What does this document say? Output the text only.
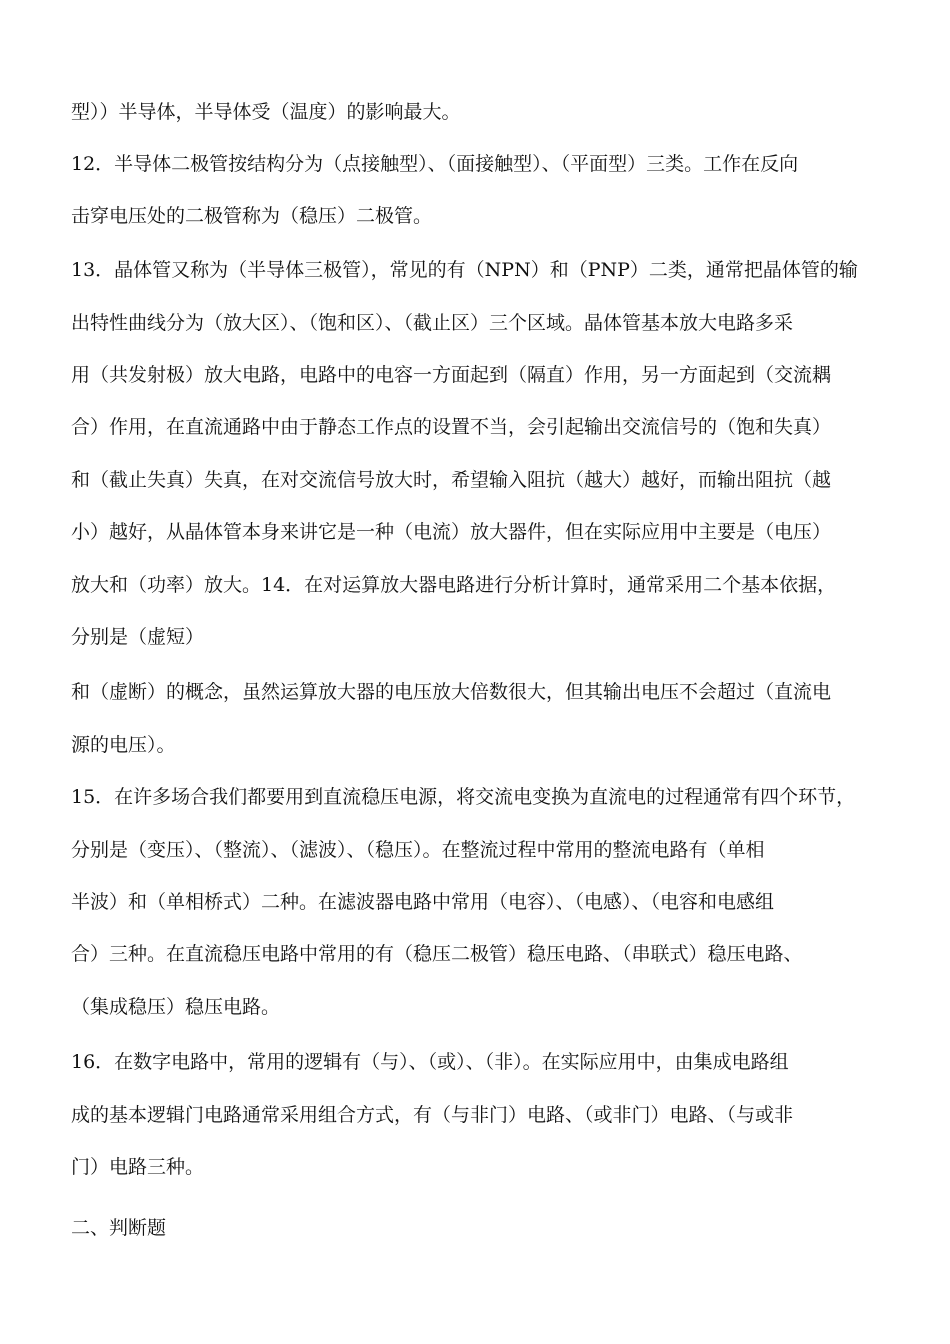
型））半导体，半导体受（温度）的影响最大。
12．半导体二极管按结构分为（点接触型）、（面接触型）、（平面型）三类。工作在反向
击穿电压处的二极管称为（稳压）二极管。
13．晶体管又称为（半导体三极管），常见的有（NPN）和（PNP）二类，通常把晶体管的输
出特性曲线分为（放大区）、（饱和区）、（截止区）三个区域。晶体管基本放大电路多采
用（共发射极）放大电路，电路中的电容一方面起到（隔直）作用，另一方面起到（交流耦
合）作用，在直流通路中由于静态工作点的设置不当，会引起输出交流信号的（饱和失真）
和（截止失真）失真，在对交流信号放大时，希望输入阻抗（越大）越好，而输出阻抗（越
小）越好，从晶体管本身来讲它是一种（电流）放大器件，但在实际应用中主要是（电压）
放大和（功率）放大。14．在对运算放大器电路进行分析计算时，通常采用二个基本依据，
分别是（虚短）
和（虚断）的概念，虽然运算放大器的电压放大倍数很大，但其输出电压不会超过（直流电
源的电压）。
15．在许多场合我们都要用到直流稳压电源，将交流电变换为直流电的过程通常有四个环节，
分别是（变压）、（整流）、（滤波）、（稳压）。在整流过程中常用的整流电路有（单相
半波）和（单相桥式）二种。在滤波器电路中常用（电容）、（电感）、（电容和电感组
合）三种。在直流稳压电路中常用的有（稳压二极管）稳压电路、（串联式）稳压电路、
（集成稳压）稳压电路。
16．在数字电路中，常用的逻辑有（与）、（或）、（非）。在实际应用中，由集成电路组
成的基本逻辑门电路通常采用组合方式，有（与非门）电路、（或非门）电路、（与或非
门）电路三种。
二、判断题
